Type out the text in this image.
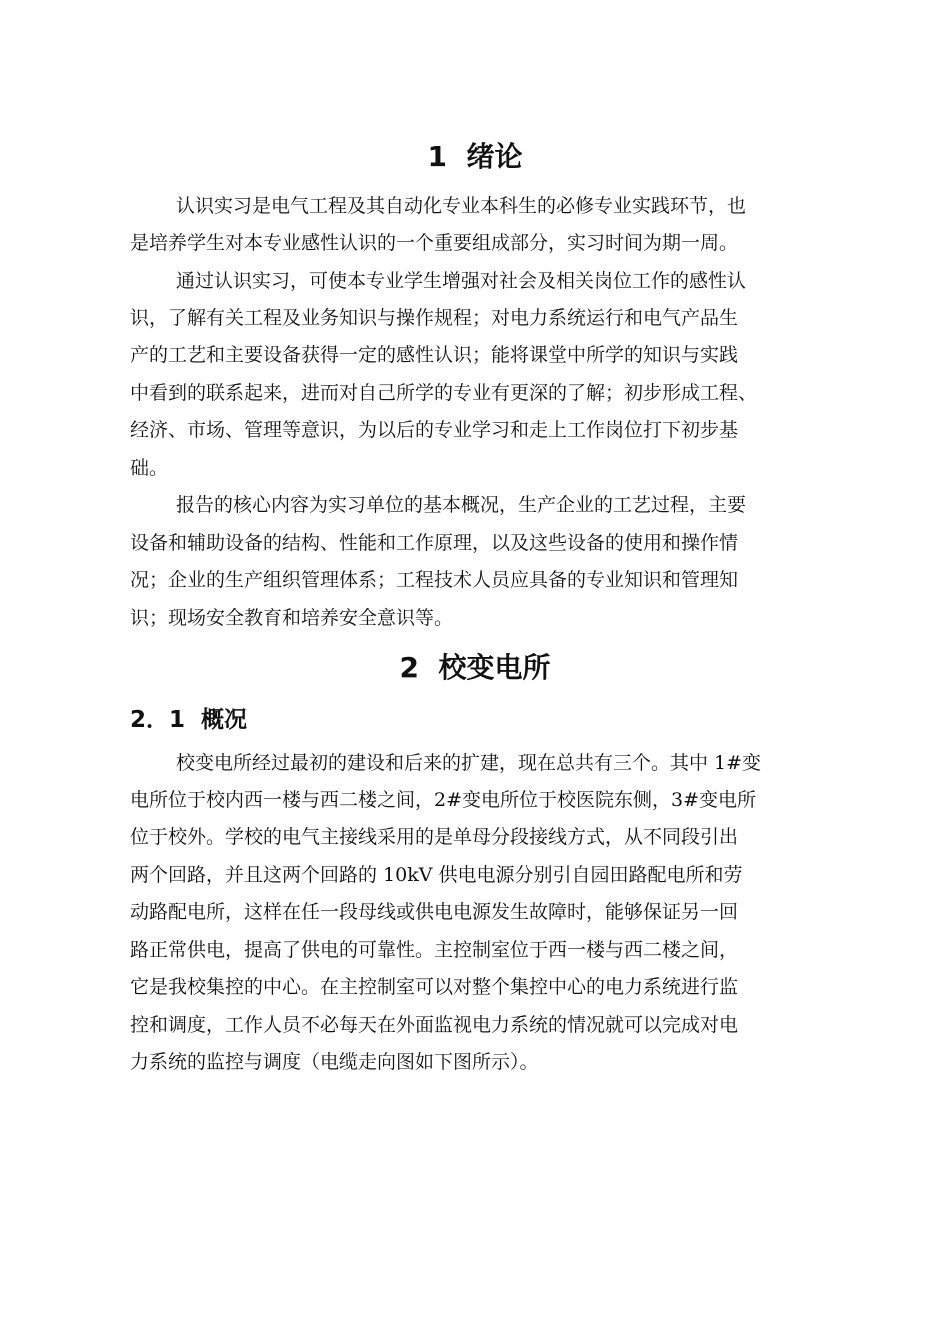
1  绪论
认识实习是电气工程及其自动化专业本科生的必修专业实践环节，也
是培养学生对本专业感性认识的一个重要组成部分，实习时间为期一周。
通过认识实习，可使本专业学生增强对社会及相关岗位工作的感性认
识，了解有关工程及业务知识与操作规程；对电力系统运行和电气产品生
产的工艺和主要设备获得一定的感性认识；能将课堂中所学的知识与实践
中看到的联系起来，进而对自己所学的专业有更深的了解；初步形成工程、
经济、市场、管理等意识，为以后的专业学习和走上工作岗位打下初步基
础。
报告的核心内容为实习单位的基本概况，生产企业的工艺过程，主要
设备和辅助设备的结构、性能和工作原理，以及这些设备的使用和操作情
况；企业的生产组织管理体系；工程技术人员应具备的专业知识和管理知
识；现场安全教育和培养安全意识等。
2  校变电所
2．1  概况
校变电所经过最初的建设和后来的扩建，现在总共有三个。其中 1#变
电所位于校内西一楼与西二楼之间，2#变电所位于校医院东侧，3#变电所
位于校外。学校的电气主接线采用的是单母分段接线方式，从不同段引出
两个回路，并且这两个回路的 10kV 供电电源分别引自园田路配电所和劳
动路配电所，这样在任一段母线或供电电源发生故障时，能够保证另一回
路正常供电，提高了供电的可靠性。主控制室位于西一楼与西二楼之间，
它是我校集控的中心。在主控制室可以对整个集控中心的电力系统进行监
控和调度，工作人员不必每天在外面监视电力系统的情况就可以完成对电
力系统的监控与调度（电缆走向图如下图所示）。
